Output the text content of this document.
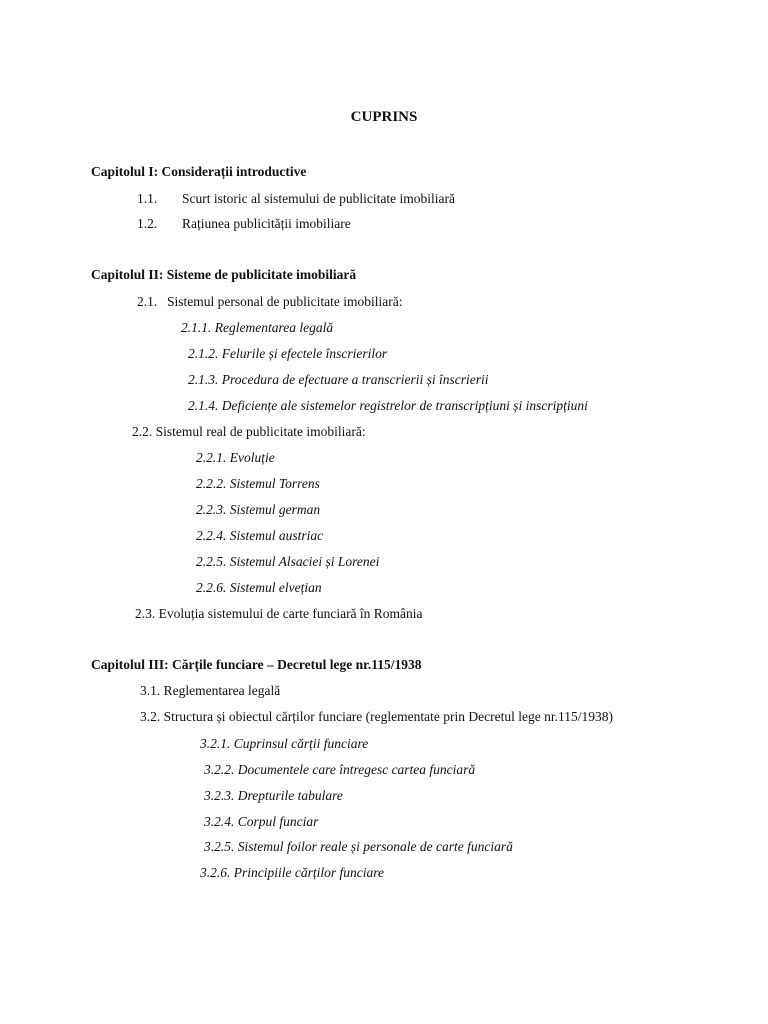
CUPRINS
Capitolul I: Considerații introductive
1.1. Scurt istoric al sistemului de publicitate imobiliară
1.2. Rațiunea publicității imobiliare
Capitolul II: Sisteme de publicitate imobiliară
2.1. Sistemul personal de publicitate imobiliară:
2.1.1. Reglementarea legală
2.1.2. Felurile și efectele înscrierilor
2.1.3. Procedura de efectuare a transcrierii și înscrierii
2.1.4. Deficiențe ale sistemelor registrelor de transcripțiuni și inscripțiuni
2.2. Sistemul real de publicitate imobiliară:
2.2.1. Evoluție
2.2.2. Sistemul Torrens
2.2.3. Sistemul german
2.2.4. Sistemul austriac
2.2.5. Sistemul Alsaciei și Lorenei
2.2.6. Sistemul elvețian
2.3. Evoluția sistemului de carte funciară în România
Capitolul III: Cărțile funciare – Decretul lege nr.115/1938
3.1. Reglementarea legală
3.2. Structura și obiectul cărților funciare (reglementate prin Decretul lege nr.115/1938)
3.2.1. Cuprinsul cărții funciare
3.2.2. Documentele care întregesc cartea funciară
3.2.3. Drepturile tabulare
3.2.4. Corpul funciar
3.2.5. Sistemul foilor reale și personale de carte funciară
3.2.6. Principiile cărților funciare
